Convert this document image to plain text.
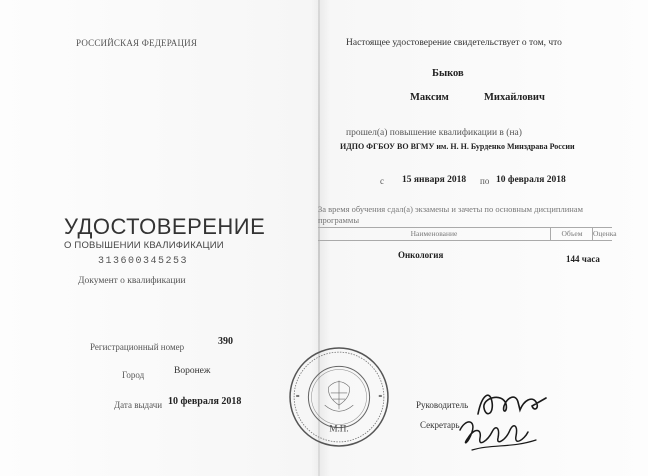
РОССИЙСКАЯ ФЕДЕРАЦИЯ
УДОСТОВЕРЕНИЕ
О ПОВЫШЕНИИ КВАЛИФИКАЦИИ
313600345253
Документ о квалификации
Регистрационный номер	390
Город	Воронеж
Дата выдачи 10 февраля 2018
Настоящее удостоверение свидетельствует о том, что
Быков
Максим	Михайлович
прошел(а) повышение квалификации в (на)
ИДПО ФГБОУ ВО ВГМУ им. Н. Н. Бурденко Минздрава России
с 15 января 2018 по 10 февраля 2018
За время обучения сдал(а) экзамены и зачеты по основным дисциплинам программы
Наименование	Объем	Оценка
Онкология	144 часа
Руководитель
Секретарь
М.П.
